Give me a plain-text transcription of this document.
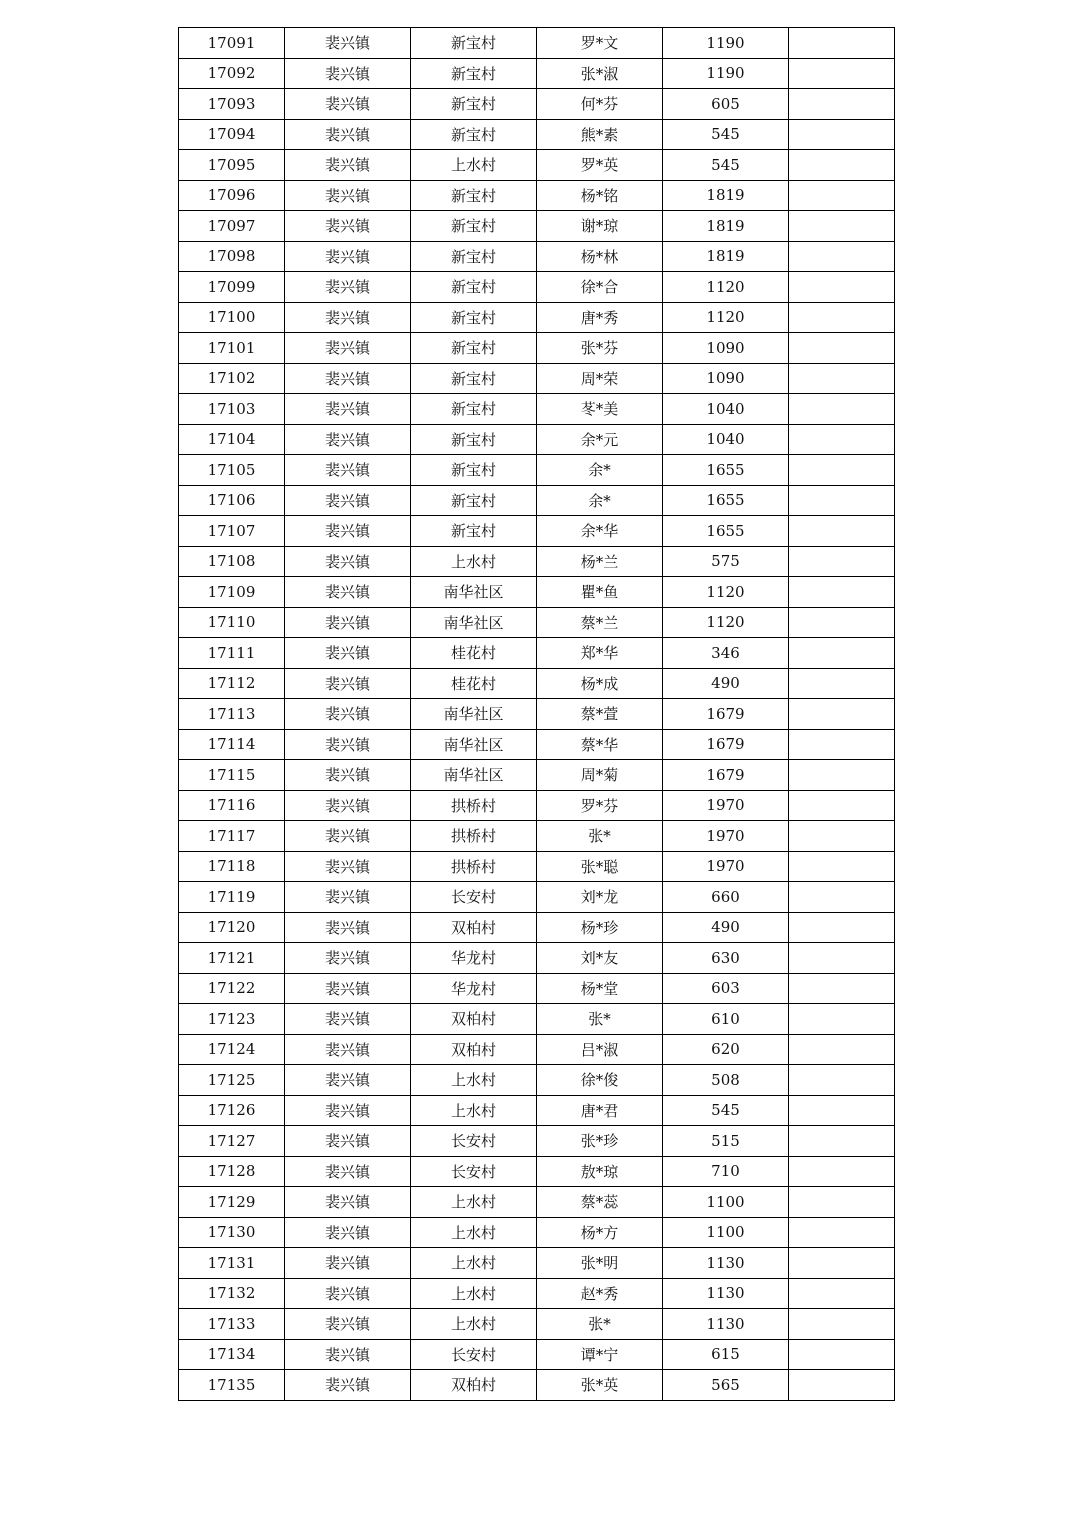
17091	裴兴镇	新宝村	罗*文	1190	
17092	裴兴镇	新宝村	张*淑	1190	
17093	裴兴镇	新宝村	何*芬	605	
17094	裴兴镇	新宝村	熊*素	545	
17095	裴兴镇	上水村	罗*英	545	
17096	裴兴镇	新宝村	杨*铭	1819	
17097	裴兴镇	新宝村	谢*琼	1819	
17098	裴兴镇	新宝村	杨*林	1819	
17099	裴兴镇	新宝村	徐*合	1120	
17100	裴兴镇	新宝村	唐*秀	1120	
17101	裴兴镇	新宝村	张*芬	1090	
17102	裴兴镇	新宝村	周*荣	1090	
17103	裴兴镇	新宝村	苳*美	1040	
17104	裴兴镇	新宝村	余*元	1040	
17105	裴兴镇	新宝村	余*	1655	
17106	裴兴镇	新宝村	余*	1655	
17107	裴兴镇	新宝村	余*华	1655	
17108	裴兴镇	上水村	杨*兰	575	
17109	裴兴镇	南华社区	瞿*鱼	1120	
17110	裴兴镇	南华社区	蔡*兰	1120	
17111	裴兴镇	桂花村	郑*华	346	
17112	裴兴镇	桂花村	杨*成	490	
17113	裴兴镇	南华社区	蔡*萱	1679	
17114	裴兴镇	南华社区	蔡*华	1679	
17115	裴兴镇	南华社区	周*菊	1679	
17116	裴兴镇	拱桥村	罗*芬	1970	
17117	裴兴镇	拱桥村	张*	1970	
17118	裴兴镇	拱桥村	张*聪	1970	
17119	裴兴镇	长安村	刘*龙	660	
17120	裴兴镇	双柏村	杨*珍	490	
17121	裴兴镇	华龙村	刘*友	630	
17122	裴兴镇	华龙村	杨*堂	603	
17123	裴兴镇	双柏村	张*	610	
17124	裴兴镇	双柏村	吕*淑	620	
17125	裴兴镇	上水村	徐*俊	508	
17126	裴兴镇	上水村	唐*君	545	
17127	裴兴镇	长安村	张*珍	515	
17128	裴兴镇	长安村	敖*琼	710	
17129	裴兴镇	上水村	蔡*蕊	1100	
17130	裴兴镇	上水村	杨*方	1100	
17131	裴兴镇	上水村	张*明	1130	
17132	裴兴镇	上水村	赵*秀	1130	
17133	裴兴镇	上水村	张*	1130	
17134	裴兴镇	长安村	谭*宁	615	
17135	裴兴镇	双柏村	张*英	565	
